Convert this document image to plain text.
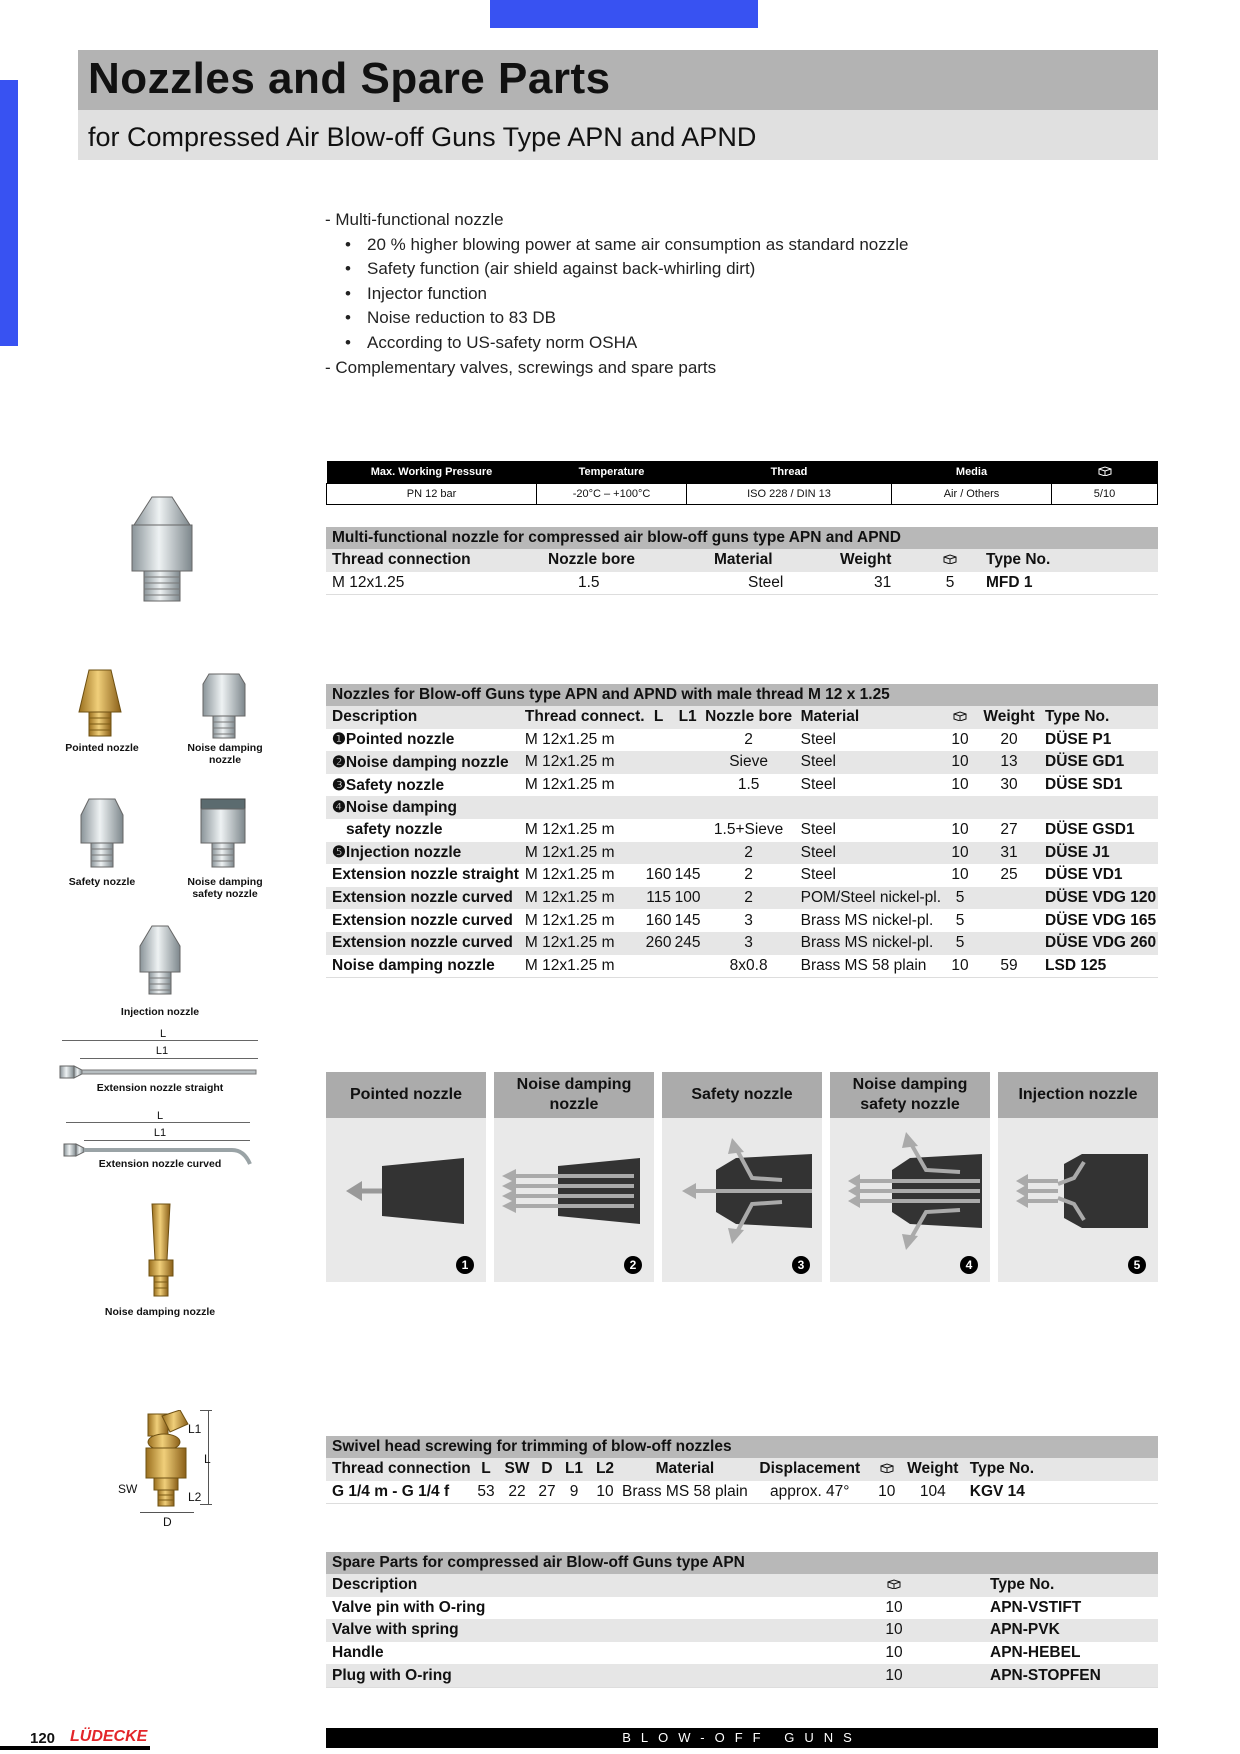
Nozzles and Spare Parts
for Compressed Air Blow-off Guns Type APN and APND
- Multi-functional nozzle
• 20 % higher blowing power at same air consumption as standard nozzle
• Safety function (air shield against back-whirling dirt)
• Injector function
• Noise reduction to 83 DB
• According to US-safety norm OSHA
- Complementary valves, screwings and spare parts
Max. Working Pressure	Temperature	Thread	Media	
PN 12 bar	-20°C – +100°C	ISO 228 / DIN 13	Air / Others	5/10
Multi-functional nozzle for compressed air blow-off guns type APN and APND
Thread connection	Nozzle bore	Material	Weight		Type No.
M 12x1.25	1.5	Steel	31	5	MFD 1
Pointed nozzle	Noise damping nozzle
Safety nozzle	Noise damping safety nozzle
Injection nozzle
L
L1
Extension nozzle straight
L
L1
Extension nozzle curved
Noise damping nozzle
L1
L
L2
SW
D
Nozzles for Blow-off Guns type APN and APND with male thread M 12 x 1.25
Description	Thread connect.	L	L1	Nozzle bore	Material		Weight	Type No.
❶Pointed nozzle	M 12x1.25 m			2	Steel	10	20	DÜSE P1
❷Noise damping nozzle	M 12x1.25 m			Sieve	Steel	10	13	DÜSE GD1
❸Safety nozzle	M 12x1.25 m			1.5	Steel	10	30	DÜSE SD1
❹Noise damping								
safety nozzle	M 12x1.25 m			1.5+Sieve	Steel	10	27	DÜSE GSD1
❺Injection nozzle	M 12x1.25 m			2	Steel	10	31	DÜSE J1
Extension nozzle straight	M 12x1.25 m	160	145	2	Steel	10	25	DÜSE VD1
Extension nozzle curved	M 12x1.25 m	115	100	2	POM/Steel nickel-pl.	5		DÜSE VDG 120
Extension nozzle curved	M 12x1.25 m	160	145	3	Brass MS nickel-pl.	5		DÜSE VDG 165
Extension nozzle curved	M 12x1.25 m	260	245	3	Brass MS nickel-pl.	5		DÜSE VDG 260
Noise damping nozzle	M 12x1.25 m			8x0.8	Brass MS 58 plain	10	59	LSD 125
Pointed nozzle
Noise damping nozzle
Safety nozzle
Noise damping safety nozzle
Injection nozzle
1	2	3	4	5
Swivel head screwing for trimming of blow-off nozzles
Thread connection	L	SW	D	L1	L2	Material	Displacement		Weight	Type No.
G 1/4 m - G 1/4 f	53	22	27	9	10	Brass MS 58 plain	approx. 47°	10	104	KGV 14
Spare Parts for compressed air Blow-off Guns type APN
Description			Type No.
Valve pin with O-ring	10		APN-VSTIFT
Valve with spring	10		APN-PVK
Handle	10		APN-HEBEL
Plug with O-ring	10		APN-STOPFEN
120 LÜDECKE	BLOW-OFF GUNS
